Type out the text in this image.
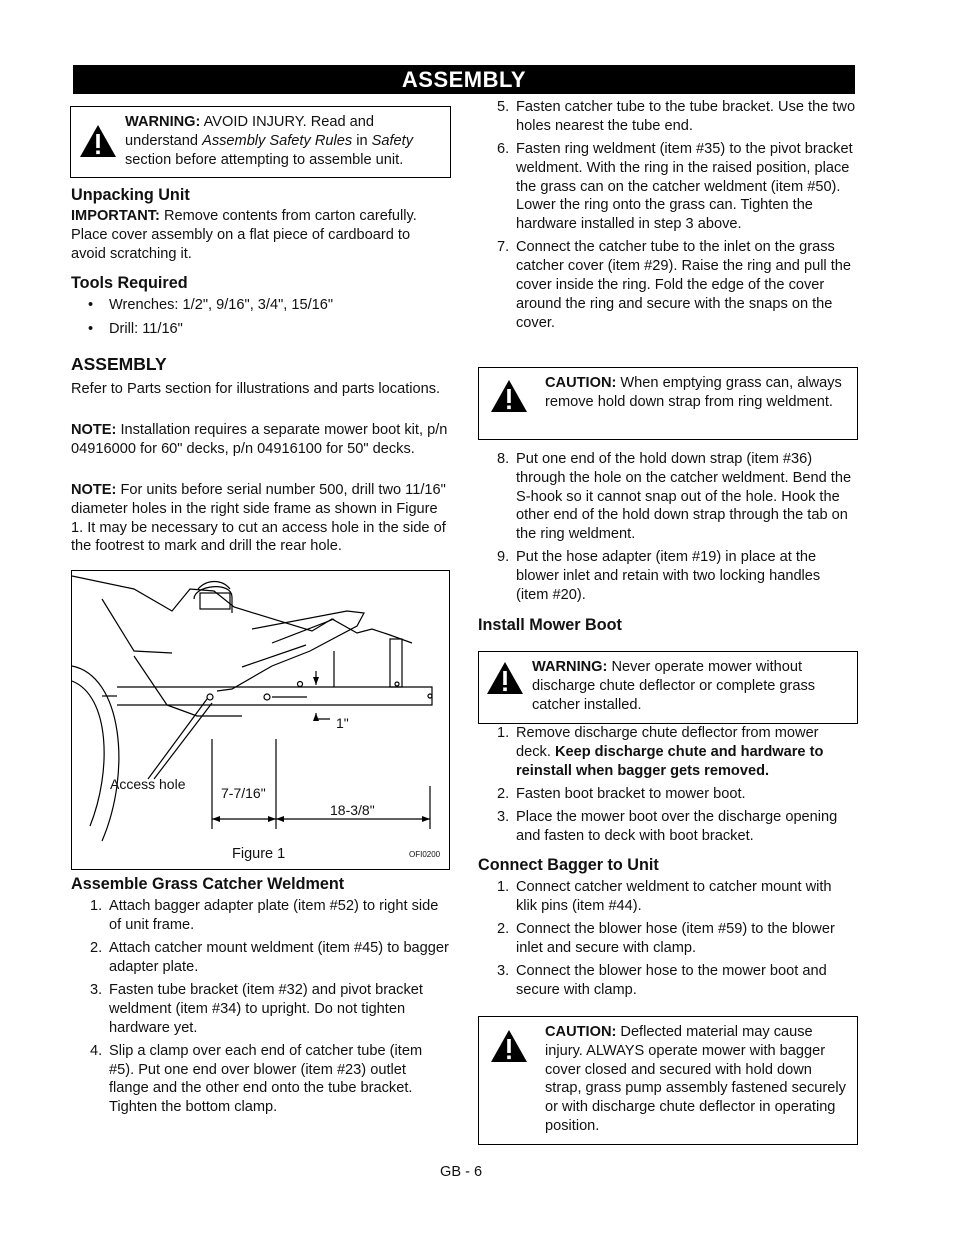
ASSEMBLY
WARNING: AVOID INJURY. Read and understand Assembly Safety Rules in Safety section before attempting to assemble unit.
Unpacking Unit

IMPORTANT: Remove contents from carton carefully. Place cover assembly on a flat piece of cardboard to avoid scratching it.

Tools Required
• Wrenches: 1/2", 9/16", 3/4", 15/16"
• Drill: 11/16"
ASSEMBLY

Refer to Parts section for illustrations and parts locations.

NOTE: Installation requires a separate mower boot kit, p/n 04916000 for 60" decks, p/n 04916100 for 50" decks.

NOTE: For units before serial number 500, drill two 11/16" diameter holes in the right side frame as shown in Figure 1. It may be necessary to cut an access hole in the side of the footrest to mark and drill the rear hole.

1"
Access hole
7-7/16"
18-3/8"
Figure 1	OFI0200
Assemble Grass Catcher Weldment
1. Attach bagger adapter plate (item #52) to right side of unit frame.
2. Attach catcher mount weldment (item #45) to bagger adapter plate.
3. Fasten tube bracket (item #32) and pivot bracket weldment (item #34) to upright. Do not tighten hardware yet.
4. Slip a clamp over each end of catcher tube (item #5). Put one end over blower (item #23) outlet flange and the other end onto the tube bracket. Tighten the bottom clamp.
5. Fasten catcher tube to the tube bracket. Use the two holes nearest the tube end.
6. Fasten ring weldment (item #35) to the pivot bracket weldment. With the ring in the raised position, place the grass can on the catcher weldment (item #50). Lower the ring onto the grass can. Tighten the hardware installed in step 3 above.
7. Connect the catcher tube to the inlet on the grass catcher cover (item #29). Raise the ring and pull the cover inside the ring. Fold the edge of the cover around the ring and secure with the snaps on the cover.
CAUTION: When emptying grass can, always remove hold down strap from ring weldment.
8. Put one end of the hold down strap (item #36) through the hole on the catcher weldment. Bend the S-hook so it cannot snap out of the hole. Hook the other end of the hold down strap through the tab on the ring weldment.
9. Put the hose adapter (item #19) in place at the blower inlet and retain with two locking handles (item #20).
Install Mower Boot
WARNING: Never operate mower without discharge chute deflector or complete grass catcher installed.
1. Remove discharge chute deflector from mower deck. Keep discharge chute and hardware to reinstall when bagger gets removed.
2. Fasten boot bracket to mower boot.
3. Place the mower boot over the discharge opening and fasten to deck with boot bracket.
Connect Bagger to Unit
1. Connect catcher weldment to catcher mount with klik pins (item #44).
2. Connect the blower hose (item #59) to the blower inlet and secure with clamp.
3. Connect the blower hose to the mower boot and secure with clamp.
CAUTION: Deflected material may cause injury. ALWAYS operate mower with bagger cover closed and secured with hold down strap, grass pump assembly fastened securely or with discharge chute deflector in operating position.
GB - 6
